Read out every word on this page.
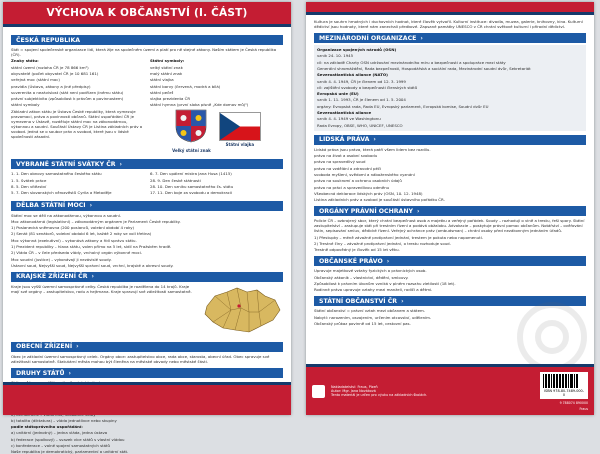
VÝCHOVA K OBČANSTVÍ (I. ČÁST)
ČESKÁ REPUBLIKA
Stát = spojení společenské organizace lidí, která žije na společném území a platí pro ně stejné zákony. Naším státem je Česká republika (ČR).
Znaky státu:
státní území (rozloha ČR je 78 866 km²)
obyvatelé (počet obyvatel ČR je 10 681 161)
veřejná moc (státní moc)
pravidla (Ústava, zákony a jiné předpisy)
suverenita a nezávislost (stát není podřízen jinému státu)
právní subjektivita (způsobilost k právům a povinnostem)
státní symboly
Základní zákon státu je Ústava České republiky, která vymezuje pravomoci, práva a povinnosti občanů. Státní uspořádání ČR je vymezeno v Ústavě, rozděluje státní moc na zákonodárnou, výkonnou a soudní. Součástí Ústavy ČR je Listina základních práv a svobod. Jedná se o soubor práv a svobod, které jsou v lidské společnosti zásadní.
Státní symboly:
velký státní znak
malý státní znak
státní vlajka
státní barvy (červená, modrá a bílá)
státní pečeť
vlajka prezidenta ČR
státní hymna (první sloka písně „Kde domov můj")
Velký státní znak
Státní vlajka
VYBRANÉ STÁTNÍ SVÁTKY ČR ›
1. 1. Den obnovy samostatného českého státu
1. 5. Svátek práce
8. 5. Den vítězství
5. 7. Den slovanských věrozvěstů Cyrila a Metoděje
6. 7. Den upálení mistra Jana Husa (1415)
28. 9. Den české státnosti
28. 10. Den vzniku samostatného čs. státu
17. 11. Den boje za svobodu a demokracii
DĚLBA STÁTNÍ MOCI ›
Státní moc se dělí na zákonodárnou, výkonnou a soudní.
Moc zákonodárná (legislativní) – zákonodárným orgánem je Parlament České republiky.
1) Poslanecká sněmovna (200 poslanců, volební období 4 roky)
2) Senát (81 senátorů, volební období 6 let, každé 2 roky se volí třetina)
Moc výkonná (exekutivní) – vykonává zákony a řídí správu státu.
1) Prezident republiky – hlava státu, volen přímo na 5 let, sídlí na Pražském hradě.
2) Vláda ČR – v čele předseda vlády, vrcholný orgán výkonné moci.
Moc soudní (justice) – vykonávají ji nezávislé soudy.
Ústavní soud, Nejvyšší soud, Nejvyšší správní soud, vrchní, krajské a okresní soudy.
KRAJSKÉ ZŘÍZENÍ ČR ›
Kraje jsou vyšší územní samosprávné celky. Česká republika je rozdělena do 14 krajů. Kraje mají své orgány – zastupitelstvo, radu a hejtmana. Kraje spravují své záležitosti samostatně.
OBECNÍ ZŘÍZENÍ ›
Obec je základní územní samosprávný celek. Orgány obce: zastupitelstvo obce, rada obce, starosta, obecní úřad. Obec spravuje své záležitosti samostatně. Statutární města mohou být členěna na městské obvody nebo městské části.
DRUHY STÁTŮ ›
b) totalita (diktatura) – vláda jednotlivce nebo skupiny
podle státoprávního uspořádání:
a) unitární (jednotný) – jedna vláda, jedna ústava
b) federace (spolkový) – svazek více států s vlastní vládou
c) konfederace – volné spojení samostatných států
Naše republika je demokratický, parlamentní a unitární stát.
Kultura je souhrn hmotných i duchovních hodnot, které člověk vytvořil. Kulturní instituce: divadla, muzea, galerie, knihovny, kina. Kulturní dědictví jsou hodnoty, které nám zanechali předkové. Zapsané památky UNESCO v ČR chrání světové kulturní i přírodní dědictví.
MEZINÁRODNÍ ORGANIZACE ›
Organizace spojených národů (OSN)
vznik 24. 10. 1945
cíl: na základě Charty OSN udržování mezinárodního míru a bezpečnosti a spolupráce mezi státy
Generální shromáždění, Rada bezpečnosti, Hospodářská a sociální rada, Mezinárodní soudní dvůr, Sekretariát
Severoatlantická aliance (NATO)
vznik 4. 4. 1949, ČR je členem od 12. 3. 1999
cíl: zajištění svobody a bezpečnosti členských států
Evropská unie (EU)
vznik 1. 11. 1993, ČR je členem od 1. 5. 2004
orgány: Evropská rada, Rada EU, Evropský parlament, Evropská komise, Soudní dvůr EU
Severoatlantická aliance
vznik 4. 4. 1949 ve Washingtonu
Rada Evropy, OBSE, WHO, UNICEF, UNESCO
LIDSKÁ PRÁVA ›
Lidská práva jsou práva, která patří všem lidem bez rozdílu.
právo na život a osobní svobodu
právo na spravedlivý soud
právo na vzdělání a zdravotní péči
svoboda myšlení, svědomí a náboženského vyznání
právo na soukromí a ochranu osobních údajů
právo na práci a spravedlivou odměnu
Všeobecná deklarace lidských práv (OSN, 10. 12. 1948)
Listina základních práv a svobod je součástí ústavního pořádku ČR.
ORGÁNY PRÁVNÍ OCHRANY ›
Policie ČR – ozbrojený sbor, který chrání bezpečnost osob a majetku a veřejný pořádek. Soudy – rozhodují o vině a trestu, řeší spory. Státní zastupitelství – zastupuje stát při trestním řízení a podává obžalobu. Advokacie – poskytuje právní pomoc občanům. Notářství – ověřování listin, sepisování smluv, dědické řízení. Veřejný ochránce práv (ombudsman) – chrání osoby před nezákonným jednáním úřadů.
1) Přestupky – méně závažné protiprávní jednání, trestem je pokuta nebo napomenutí.
2) Trestné činy – závažné protiprávní jednání, o trestu rozhoduje soud.
Trestně odpovědný je člověk od 15 let věku.
OBČANSKÉ PRÁVO ›
Upravuje majetkové vztahy fyzických a právnických osob.
Občanský zákoník – vlastnictví, dědění, smlouvy.
Způsobilost k právním úkonům vzniká v plném rozsahu zletilostí (18 let).
Rodinné právo upravuje vztahy mezi manželi, rodiči a dětmi.
STÁTNÍ OBČANSTVÍ ČR ›
Státní občanství = právní vztah mezi občanem a státem.
Nabytí: narozením, osvojením, určením otcovství, udělením.
Občanský průkaz povinně od 15 let, cestovní pas.
Nakladatelství: Fraus, Plzeň
Autor: Mgr. Jana Nováková
Tento materiál je určen pro výuku na základních školách.
ISBN 978-80-7489-000-0
9 788074 890000
Fraus
